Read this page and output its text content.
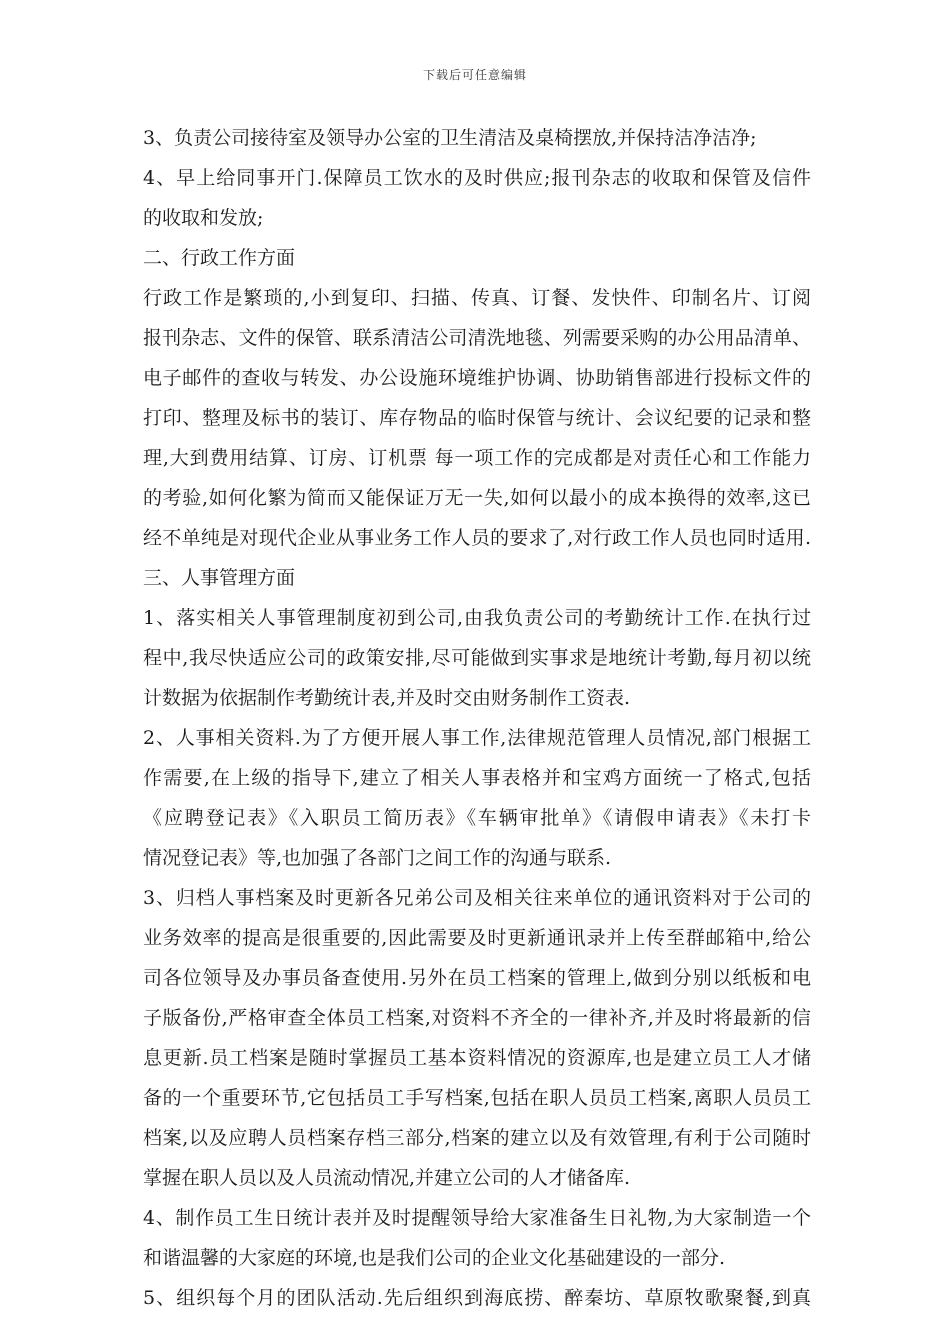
下载后可任意编辑
3、负责公司接待室及领导办公室的卫生清洁及桌椅摆放,并保持洁净洁净;
4、早上给同事开门.保障员工饮水的及时供应;报刊杂志的收取和保管及信件
的收取和发放;
二、行政工作方面
行政工作是繁琐的,小到复印、扫描、传真、订餐、发快件、印制名片、订阅
报刊杂志、文件的保管、联系清洁公司清洗地毯、列需要采购的办公用品清单、
电子邮件的查收与转发、办公设施环境维护协调、协助销售部进行投标文件的
打印、整理及标书的装订、库存物品的临时保管与统计、会议纪要的记录和整
理,大到费用结算、订房、订机票 每一项工作的完成都是对责任心和工作能力
的考验,如何化繁为简而又能保证万无一失,如何以最小的成本换得的效率,这已
经不单纯是对现代企业从事业务工作人员的要求了,对行政工作人员也同时适用.
三、人事管理方面
1、落实相关人事管理制度初到公司,由我负责公司的考勤统计工作.在执行过
程中,我尽快适应公司的政策安排,尽可能做到实事求是地统计考勤,每月初以统
计数据为依据制作考勤统计表,并及时交由财务制作工资表.
2、人事相关资料.为了方便开展人事工作,法律规范管理人员情况,部门根据工
作需要,在上级的指导下,建立了相关人事表格并和宝鸡方面统一了格式,包括
《应聘登记表》《入职员工简历表》《车辆审批单》《请假申请表》《未打卡
情况登记表》等,也加强了各部门之间工作的沟通与联系.
3、归档人事档案及时更新各兄弟公司及相关往来单位的通讯资料对于公司的
业务效率的提高是很重要的,因此需要及时更新通讯录并上传至群邮箱中,给公
司各位领导及办事员备查使用.另外在员工档案的管理上,做到分别以纸板和电
子版备份,严格审查全体员工档案,对资料不齐全的一律补齐,并及时将最新的信
息更新.员工档案是随时掌握员工基本资料情况的资源库,也是建立员工人才储
备的一个重要环节,它包括员工手写档案,包括在职人员员工档案,离职人员员工
档案,以及应聘人员档案存档三部分,档案的建立以及有效管理,有利于公司随时
掌握在职人员以及人员流动情况,并建立公司的人才储备库.
4、制作员工生日统计表并及时提醒领导给大家准备生日礼物,为大家制造一个
和谐温馨的大家庭的环境,也是我们公司的企业文化基础建设的一部分.
5、组织每个月的团队活动.先后组织到海底捞、醉秦坊、草原牧歌聚餐,到真
